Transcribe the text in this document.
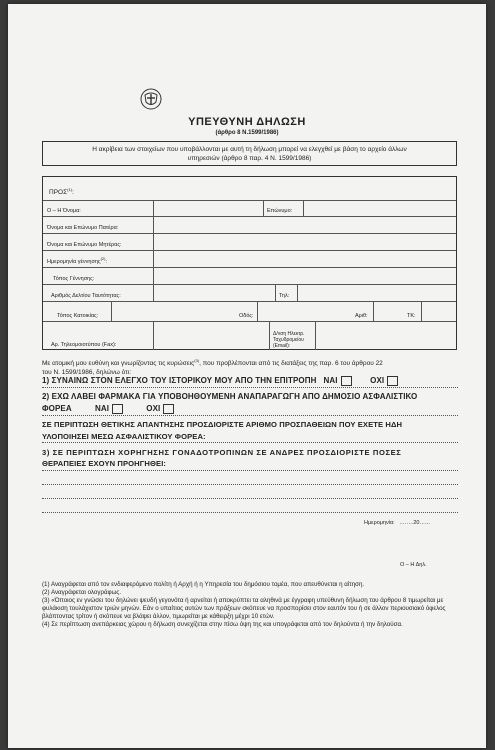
ΥΠΕΥΘΥΝΗ ΔΗΛΩΣΗ
(άρθρο 8 Ν.1599/1986)
Η ακρίβεια των στοιχείων που υποβάλλονται με αυτή τη δήλωση μπορεί να ελεγχθεί με βάση το αρχείο άλλων
υπηρεσιών (άρθρο 8 παρ. 4 Ν. 1599/1986)
ΠΡΟΣ$^{(1)}$:
Ο – Η Όνομα:	Επώνυμο:
Όνομα και Επώνυμο Πατέρα:
Όνομα και Επώνυμο Μητέρας:
Ημερομηνία γέννησης$^{(2)}$:
Τόπος Γέννησης:
Αριθμός Δελτίου Ταυτότητας:	Τηλ:
Τόπος Κατοικίας:	Οδός:	Αριθ:	ΤΚ:
Αρ. Τηλεομοιοτύπου (Fax):
Δ/νση Ηλεκτρ.
Ταχυδρομείου
(Email):
Με ατομική μου ευθύνη και γνωρίζοντας τις κυρώσεις$^{(3)}$, που προβλέπονται από τις διατάξεις της παρ. 6 του άρθρου 22
του Ν. 1599/1986, δηλώνω ότι:
1) ΣΥΝΑΙΝΩ ΣΤΟΝ ΕΛΕΓΧΟ ΤΟΥ ΙΣΤΟΡΙΚΟΥ ΜΟΥ ΑΠΟ ΤΗΝ ΕΠΙΤΡΟΠΗ ΝΑΙ	ΟΧΙ
2) ΕΧΩ ΛΑΒΕΙ ΦΑΡΜΑΚΑ ΓΙΑ ΥΠΟΒΟΗΘΟΥΜΕΝΗ ΑΝΑΠΑΡΑΓΩΓΗ ΑΠΟ ΔΗΜΟΣΙΟ ΑΣΦΑΛΙΣΤΙΚΟ
ΦΟΡΕΑ	ΝΑΙ	ΟΧΙ
ΣΕ ΠΕΡΙΠΤΩΣΗ ΘΕΤΙΚΗΣ ΑΠΑΝΤΗΣΗΣ ΠΡΟΣΔΙΟΡΙΣΤΕ ΑΡΙΘΜΟ ΠΡΟΣΠΑΘΕΙΩΝ ΠΟΥ ΕΧΕΤΕ ΗΔΗ
ΥΛΟΠΟΙΗΣΕΙ ΜΕΣΩ ΑΣΦΑΛΙΣΤΙΚΟΥ ΦΟΡΕΑ:
3) ΣΕ ΠΕΡΙΠΤΩΣΗ ΧΟΡΗΓΗΣΗΣ ΓΟΝΑΔΟΤΡΟΠΙΝΩΝ ΣΕ ΑΝΔΡΕΣ ΠΡΟΣΔΙΟΡΙΣΤΕ ΠΟΣΕΣ
ΘΕΡΑΠΕΙΕΣ ΕΧΟΥΝ ΠΡΟΗΓΗΘΕΙ:
Ημερομηνία: ……..20……
Ο – Η Δηλ.

(1) Αναγράφεται από τον ενδιαφερόμενο πολίτη ή Αρχή ή η Υπηρεσία του δημόσιου τομέα, που απευθύνεται η αίτηση.

(2) Αναγράφεται ολογράφως.

(3) «Όποιος εν γνώσει του δηλώνει ψευδή γεγονότα ή αρνείται ή αποκρύπτει τα αληθινά με έγγραφη υπεύθυνη δήλωση του άρθρου 8 τιμωρείται με φυλάκιση τουλάχιστον τριών μηνών. Εάν ο υπαίτιος αυτών των πράξεων σκόπευε να προσπορίσει στον εαυτόν του ή σε άλλον περιουσιακό όφελος βλάπτοντας τρίτον ή σκόπευε να βλάψει άλλον, τιμωρείται με κάθειρξη μέχρι 10 ετών.

(4) Σε περίπτωση ανεπάρκειας χώρου η δήλωση συνεχίζεται στην πίσω όψη της και υπογράφεται από τον δηλούντα ή την δηλούσα.
